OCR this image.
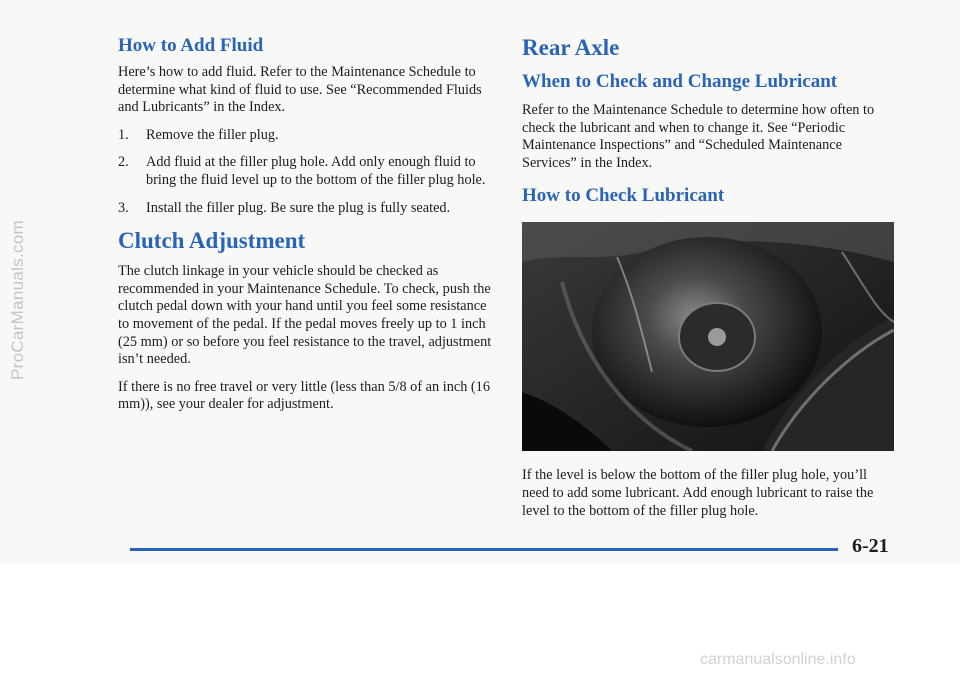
ProCarManuals.com
How to Add Fluid

Here’s how to add fluid. Refer to the Maintenance Schedule to determine what kind of fluid to use. See “Recommended Fluids and Lubricants” in the Index.

1. Remove the filler plug.
2. Add fluid at the filler plug hole. Add only enough fluid to bring the fluid level up to the bottom of the filler plug hole.
3. Install the filler plug. Be sure the plug is fully seated.
Clutch Adjustment

The clutch linkage in your vehicle should be checked as recommended in your Maintenance Schedule. To check, push the clutch pedal down with your hand until you feel some resistance to movement of the pedal. If the pedal moves freely up to 1 inch (25 mm) or so before you feel resistance to the travel, adjustment isn’t needed.

If there is no free travel or very little (less than 5/8 of an inch (16 mm)), see your dealer for adjustment.

Rear Axle
When to Check and Change Lubricant

Refer to the Maintenance Schedule to determine how often to check the lubricant and when to change it. See “Periodic Maintenance Inspections” and “Scheduled Maintenance Services” in the Index.

How to Check Lubricant

If the level is below the bottom of the filler plug hole, you’ll need to add some lubricant. Add enough lubricant to raise the level to the bottom of the filler plug hole.

6-21
carmanualsonline.info
